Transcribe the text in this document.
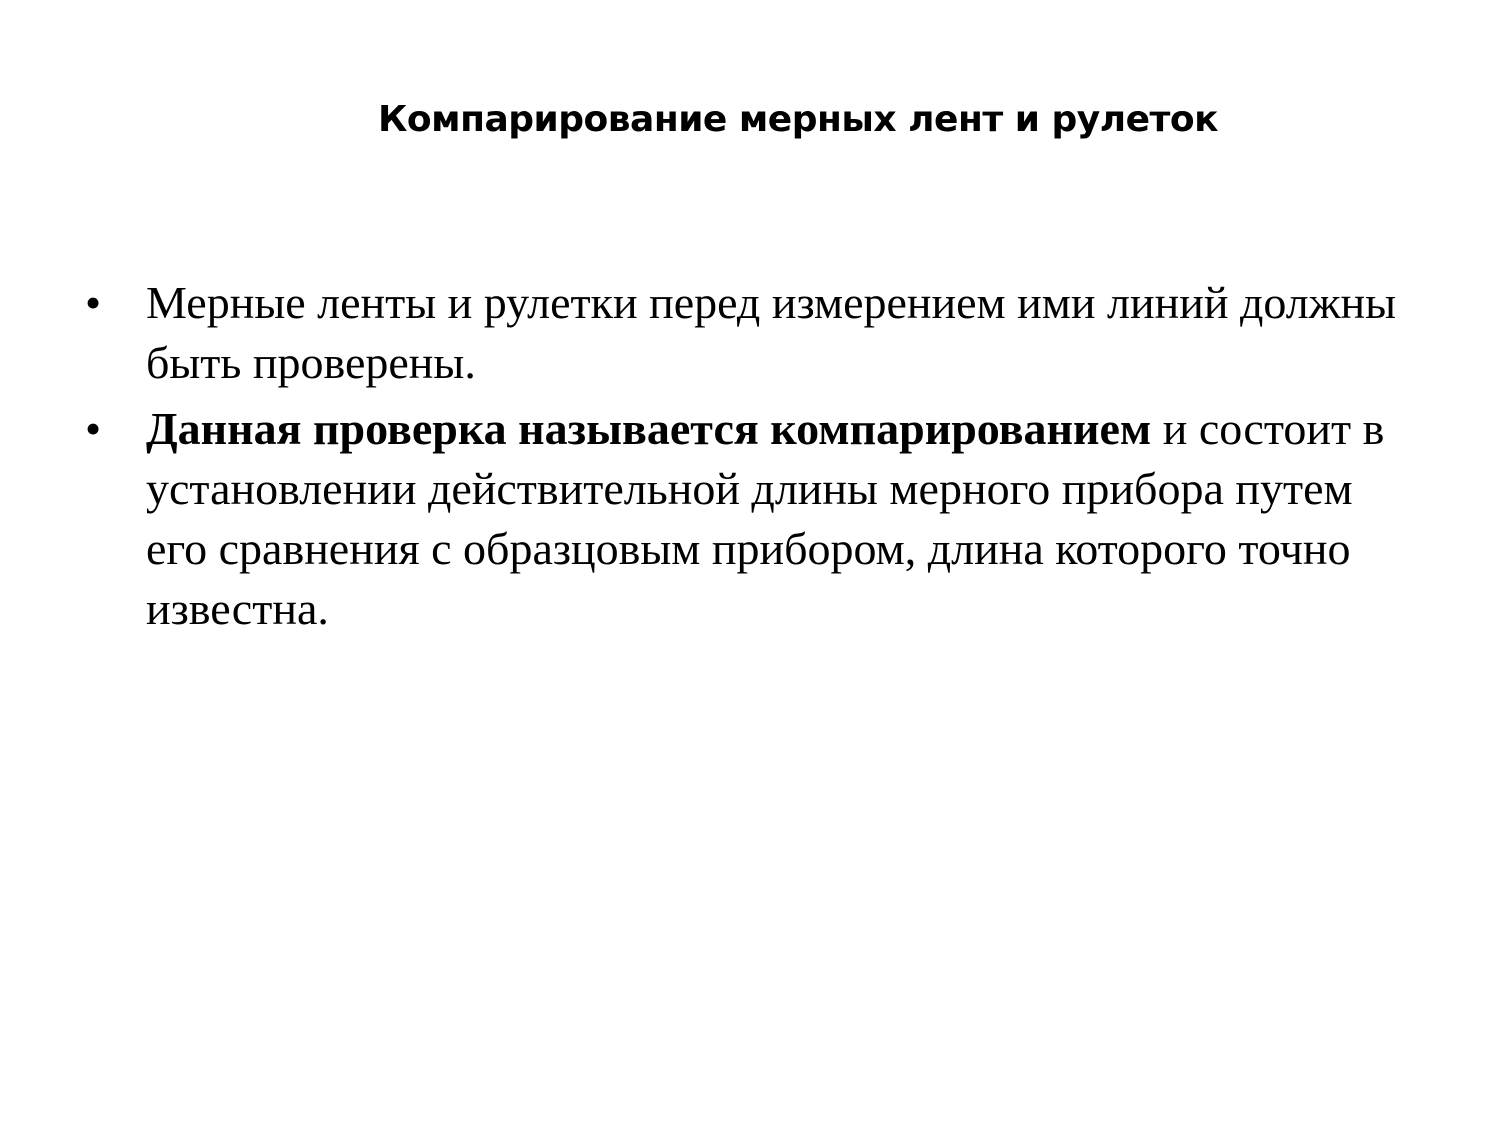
Компарирование мерных лент и рулеток
• Мерные ленты и рулетки перед измерением ими линий должны быть проверены.
• Данная проверка называется компарированием и состоит в установлении действительной длины мерного прибора путем его сравнения с образцовым прибором, длина которого точно известна.
